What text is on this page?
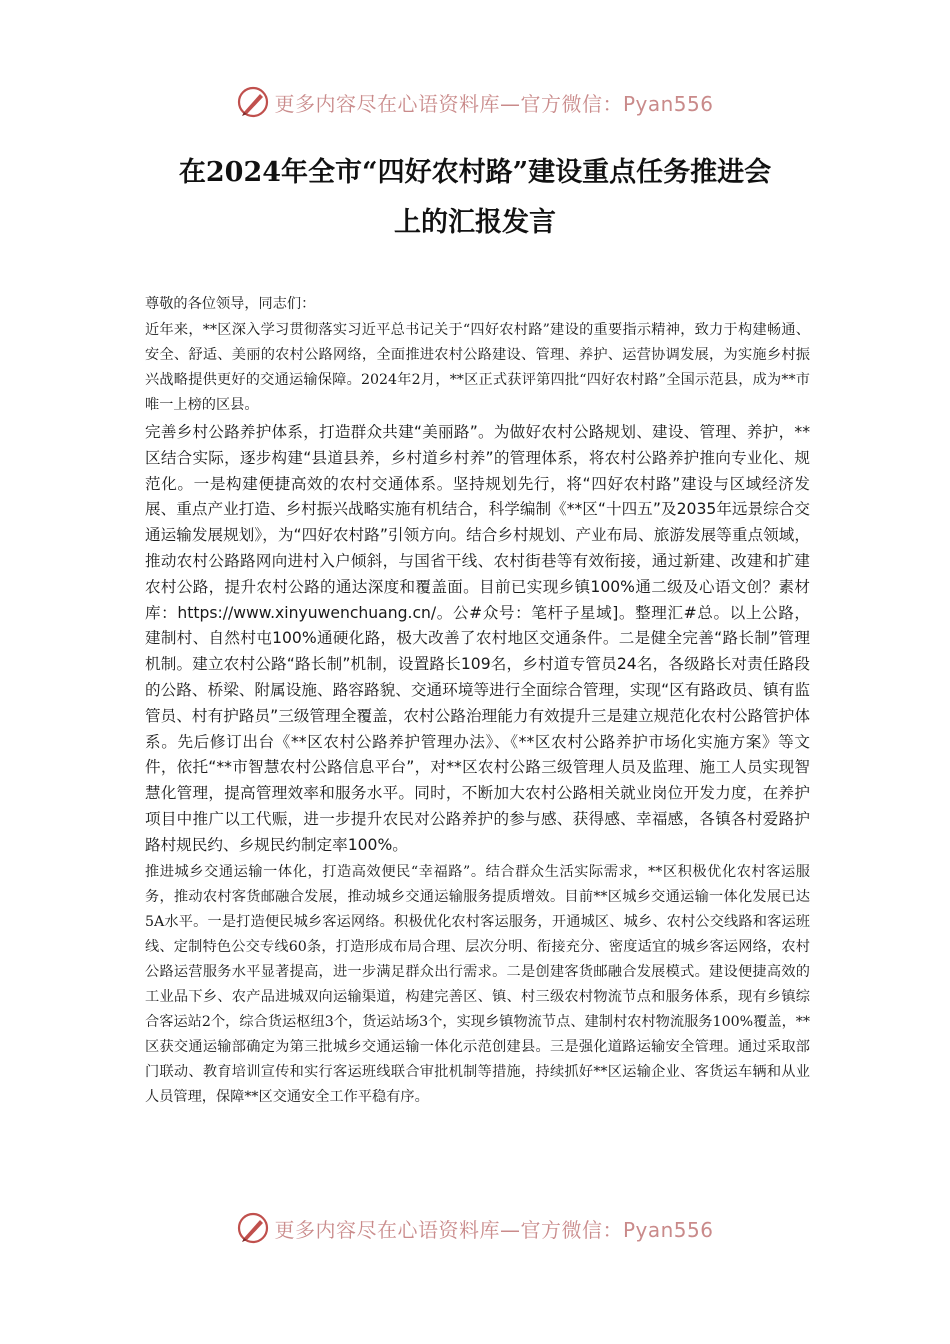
更多内容尽在心语资料库—官方微信：Pyan556
在2024年全市“四好农村路”建设重点任务推进会
上的汇报发言

尊敬的各位领导，同志们：

近年来，**区深入学习贯彻落实习近平总书记关于“四好农村路”建设的重要指示精神，致力于构建畅通、安全、舒适、美丽的农村公路网络，全面推进农村公路建设、管理、养护、运营协调发展，为实施乡村振兴战略提供更好的交通运输保障。2024年2月，**区正式获评第四批“四好农村路”全国示范县，成为**市唯一上榜的区县。

完善乡村公路养护体系，打造群众共建“美丽路”。为做好农村公路规划、建设、管理、养护，**区结合实际，逐步构建“县道县养，乡村道乡村养”的管理体系，将农村公路养护推向专业化、规范化。一是构建便捷高效的农村交通体系。坚持规划先行，将“四好农村路”建设与区域经济发展、重点产业打造、乡村振兴战略实施有机结合，科学编制《**区“十四五”及2035年远景综合交通运输发展规划》，为“四好农村路”引领方向。结合乡村规划、产业布局、旅游发展等重点领域，推动农村公路路网向进村入户倾斜，与国省干线、农村街巷等有效衔接，通过新建、改建和扩建农村公路，提升农村公路的通达深度和覆盖面。目前已实现乡镇100%通二级及心语文创？素材库：https://www.xinyuwenchuang.cn/。公#众号：笔杆子星域]。整理汇#总。以上公路，建制村、自然村屯100%通硬化路，极大改善了农村地区交通条件。二是健全完善“路长制”管理机制。建立农村公路“路长制”机制，设置路长109名，乡村道专管员24名，各级路长对责任路段的公路、桥梁、附属设施、路容路貌、交通环境等进行全面综合管理，实现“区有路政员、镇有监管员、村有护路员”三级管理全覆盖，农村公路治理能力有效提升三是建立规范化农村公路管护体系。先后修订出台《**区农村公路养护管理办法》、《**区农村公路养护市场化实施方案》等文件，依托“**市智慧农村公路信息平台”，对**区农村公路三级管理人员及监理、施工人员实现智慧化管理，提高管理效率和服务水平。同时，不断加大农村公路相关就业岗位开发力度，在养护项目中推广以工代赈，进一步提升农民对公路养护的参与感、获得感、幸福感，各镇各村爱路护路村规民约、乡规民约制定率100%。

推进城乡交通运输一体化，打造高效便民“幸福路”。结合群众生活实际需求，**区积极优化农村客运服务，推动农村客货邮融合发展，推动城乡交通运输服务提质增效。目前**区城乡交通运输一体化发展已达5A水平。一是打造便民城乡客运网络。积极优化农村客运服务，开通城区、城乡、农村公交线路和客运班线、定制特色公交专线60条，打造形成布局合理、层次分明、衔接充分、密度适宜的城乡客运网络，农村公路运营服务水平显著提高，进一步满足群众出行需求。二是创建客货邮融合发展模式。建设便捷高效的工业品下乡、农产品进城双向运输渠道，构建完善区、镇、村三级农村物流节点和服务体系，现有乡镇综合客运站2个，综合货运枢纽3个，货运站场3个，实现乡镇物流节点、建制村农村物流服务100%覆盖，**区获交通运输部确定为第三批城乡交通运输一体化示范创建县。三是强化道路运输安全管理。通过采取部门联动、教育培训宣传和实行客运班线联合审批机制等措施，持续抓好**区运输企业、客货运车辆和从业人员管理，保障**区交通安全工作平稳有序。

更多内容尽在心语资料库—官方微信：Pyan556
